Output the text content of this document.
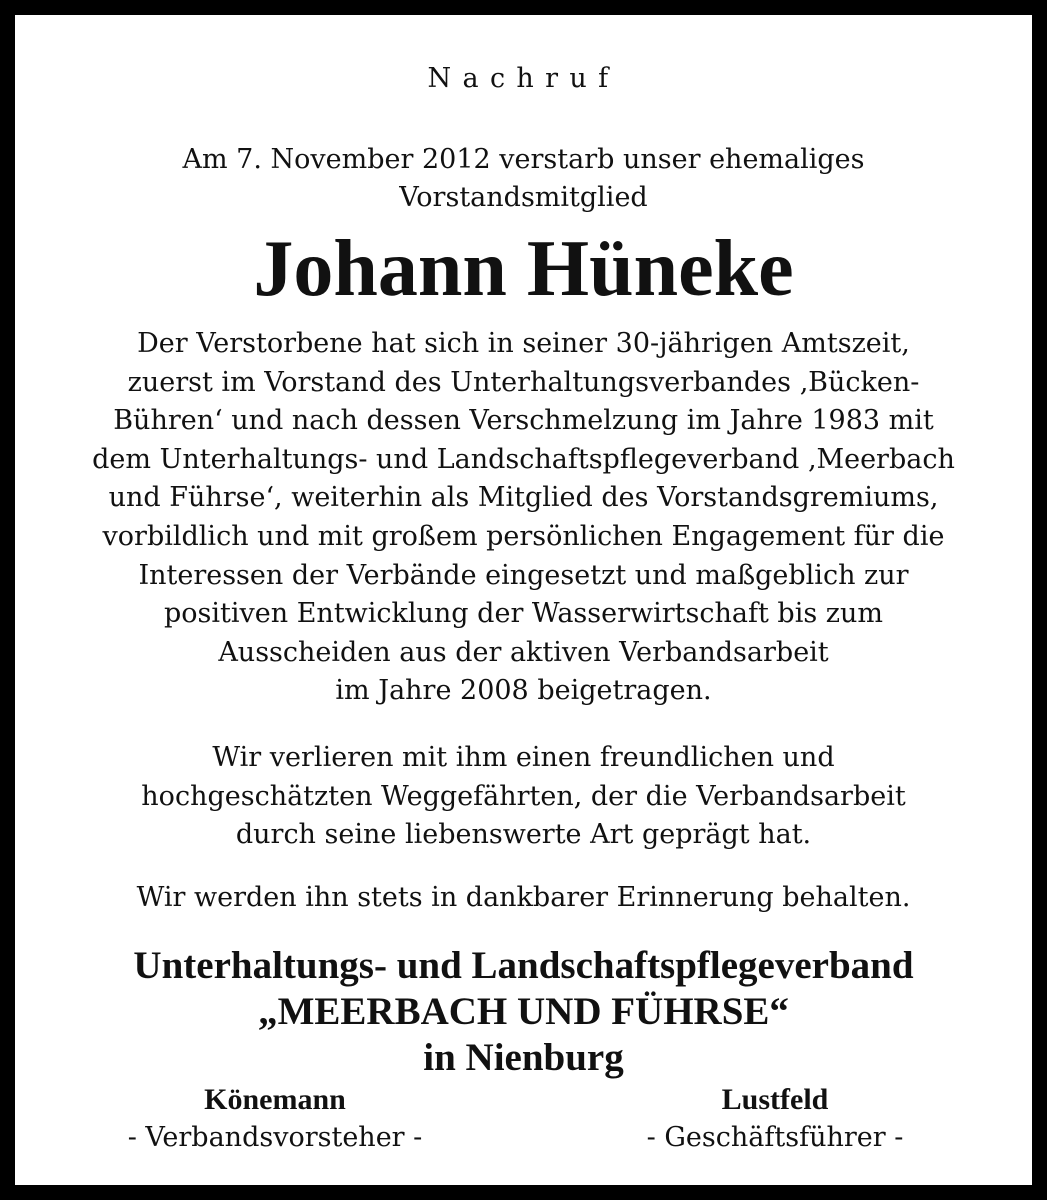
Nachruf
Am 7. November 2012 verstarb unser ehemaliges
Vorstandsmitglied
Johann Hüneke
Der Verstorbene hat sich in seiner 30-jährigen Amtszeit,
zuerst im Vorstand des Unterhaltungsverbandes ‚Bücken-
Bühren‘ und nach dessen Verschmelzung im Jahre 1983 mit
dem Unterhaltungs- und Landschaftspflegeverband ‚Meerbach
und Führse‘, weiterhin als Mitglied des Vorstandsgremiums,
vorbildlich und mit großem persönlichen Engagement für die
Interessen der Verbände eingesetzt und maßgeblich zur
positiven Entwicklung der Wasserwirtschaft bis zum
Ausscheiden aus der aktiven Verbandsarbeit
im Jahre 2008 beigetragen.
Wir verlieren mit ihm einen freundlichen und
hochgeschätzten Weggefährten, der die Verbandsarbeit
durch seine liebenswerte Art geprägt hat.
Wir werden ihn stets in dankbarer Erinnerung behalten.
Unterhaltungs- und Landschaftspflegeverband
„MEERBACH UND FÜHRSE“
in Nienburg
Könemann
- Verbandsvorsteher -
Lustfeld
- Geschäftsführer -
